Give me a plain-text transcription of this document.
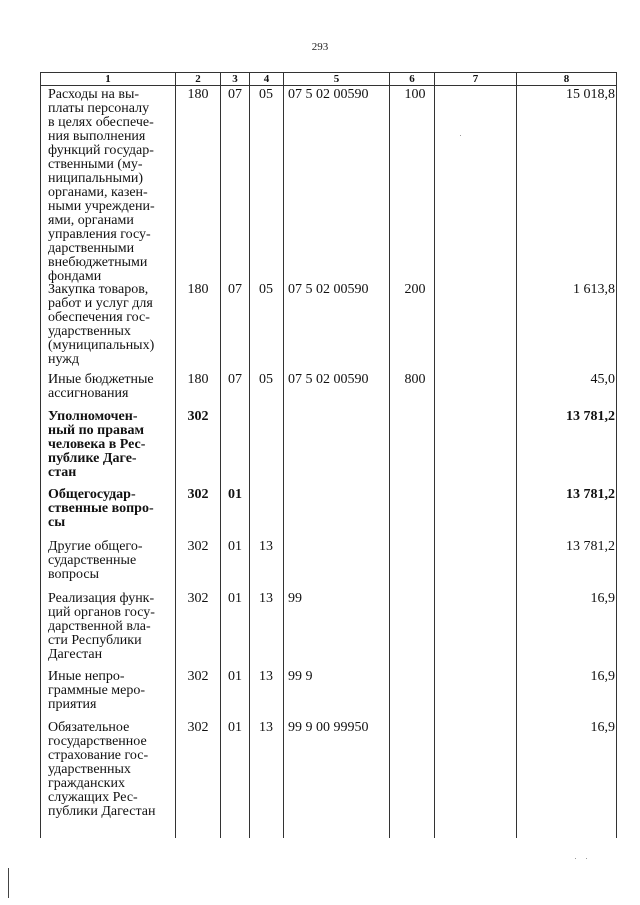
293
1	2	3	4	5	6	7	8
Расходы на вы-
платы персоналу
в целях обеспече-
ния выполнения
функций государ-
ственными (му-
ниципальными)
органами, казен-
ными учреждени-
ями, органами
управления госу-
дарственными
внебюджетными
фондами
180	07	05	07 5 02 00590	100	15 018,8
Закупка товаров,
работ и услуг для
обеспечения гос-
ударственных
(муниципальных)
нужд
180	07	05	07 5 02 00590	200	1 613,8
Иные бюджетные
ассигнования
180	07	05	07 5 02 00590	800	45,0
Уполномочен-
ный по правам
человека в Рес-
публике Даге-
стан
302	13 781,2
Общегосудар-
ственные вопро-
сы
302	01	13 781,2
Другие общего-
сударственные
вопросы
302	01	13	13 781,2
Реализация функ-
ций органов госу-
дарственной вла-
сти Республики
Дагестан
302	01	13	99	16,9
Иные непро-
граммные меро-
приятия
302	01	13	99 9	16,9
Обязательное
государственное
страхование гос-
ударственных
гражданских
служащих Рес-
публики Дагестан
302	01	13	99 9 00 99950	16,9
